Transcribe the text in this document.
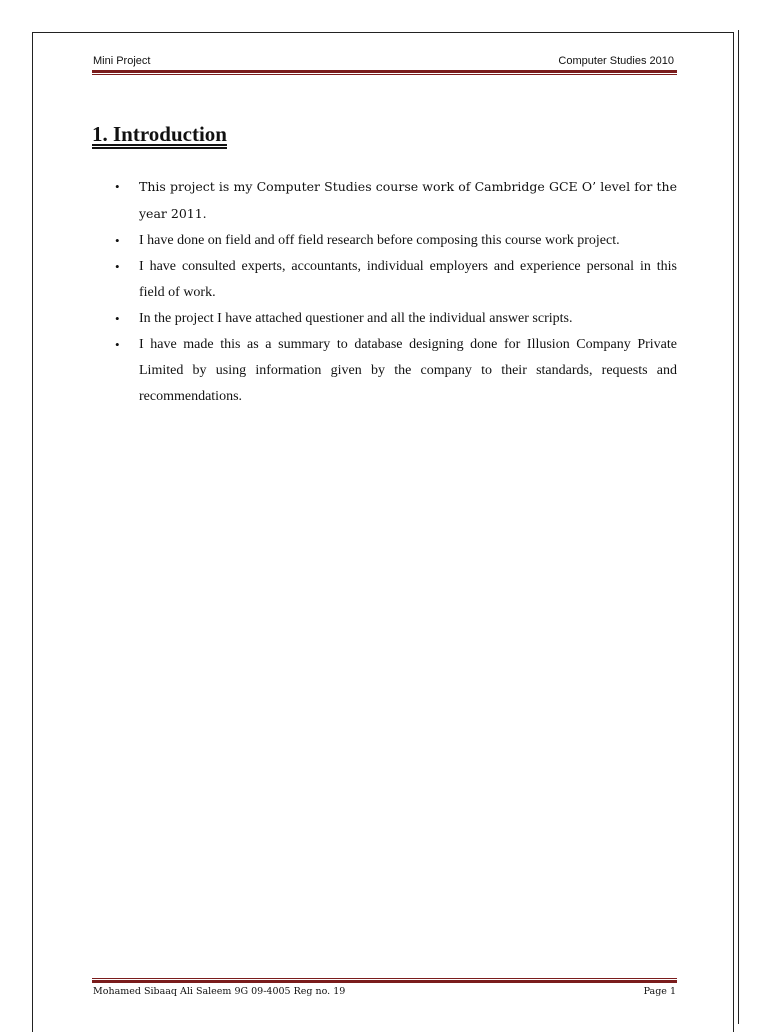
Mini Project	Computer Studies 2010
1. Introduction
• This project is my Computer Studies course work of Cambridge GCE O’ level for the year 2011.
• I have done on field and off field research before composing this course work project.
• I have consulted experts, accountants, individual employers and experience personal in this field of work.
• In the project I have attached questioner and all the individual answer scripts.
• I have made this as a summary to database designing done for Illusion Company Private Limited by using information given by the company to their standards, requests and recommendations.
Mohamed Sibaaq Ali Saleem 9G 09-4005 Reg no. 19	Page 1
